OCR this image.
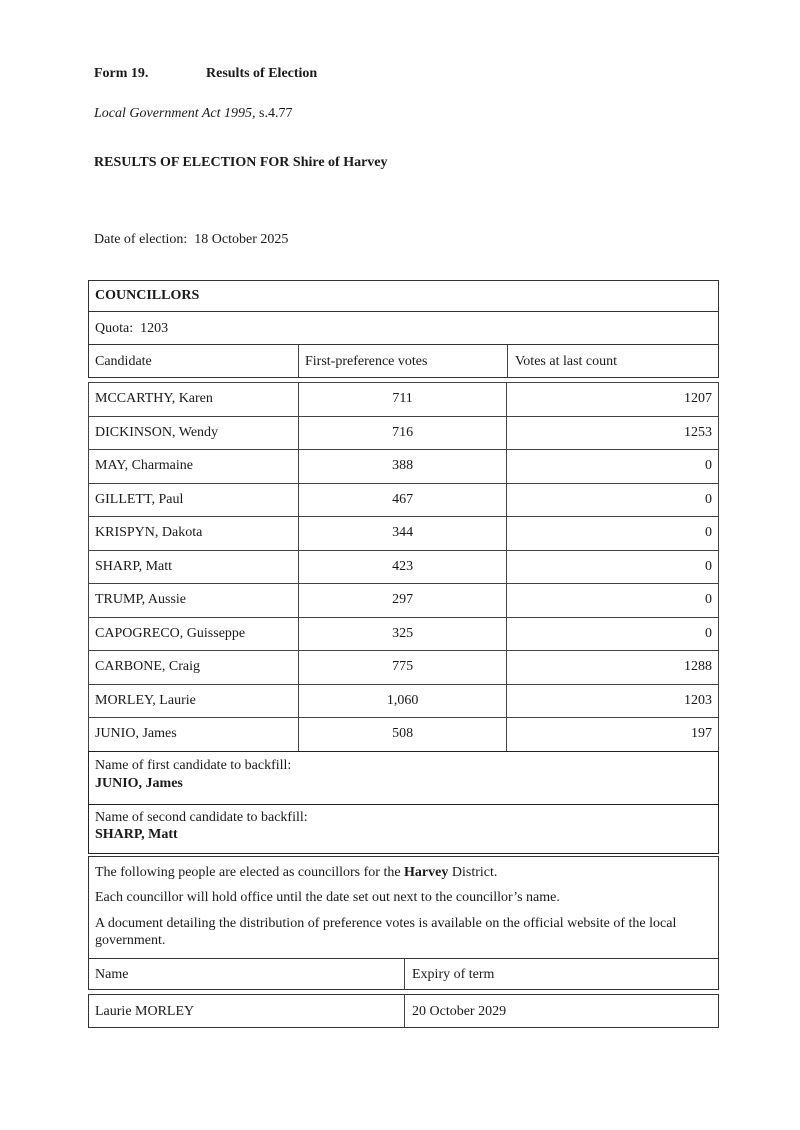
Form 19.	Results of Election
Local Government Act 1995, s.4.77
RESULTS OF ELECTION FOR Shire of Harvey
Date of election: 18 October 2025
COUNCILLORS
Quota: 1203
Candidate	First-preference votes	Votes at last count
MCCARTHY, Karen	711	1207
DICKINSON, Wendy	716	1253
MAY, Charmaine	388	0
GILLETT, Paul	467	0
KRISPYN, Dakota	344	0
SHARP, Matt	423	0
TRUMP, Aussie	297	0
CAPOGRECO, Guisseppe	325	0
CARBONE, Craig	775	1288
MORLEY, Laurie	1,060	1203
JUNIO, James	508	197
Name of first candidate to backfill:
JUNIO, James
Name of second candidate to backfill:
SHARP, Matt
The following people are elected as councillors for the Harvey District.
Each councillor will hold office until the date set out next to the councillor’s name.
A document detailing the distribution of preference votes is available on the official website of the local government.
Name	Expiry of term
Laurie MORLEY	20 October 2029
